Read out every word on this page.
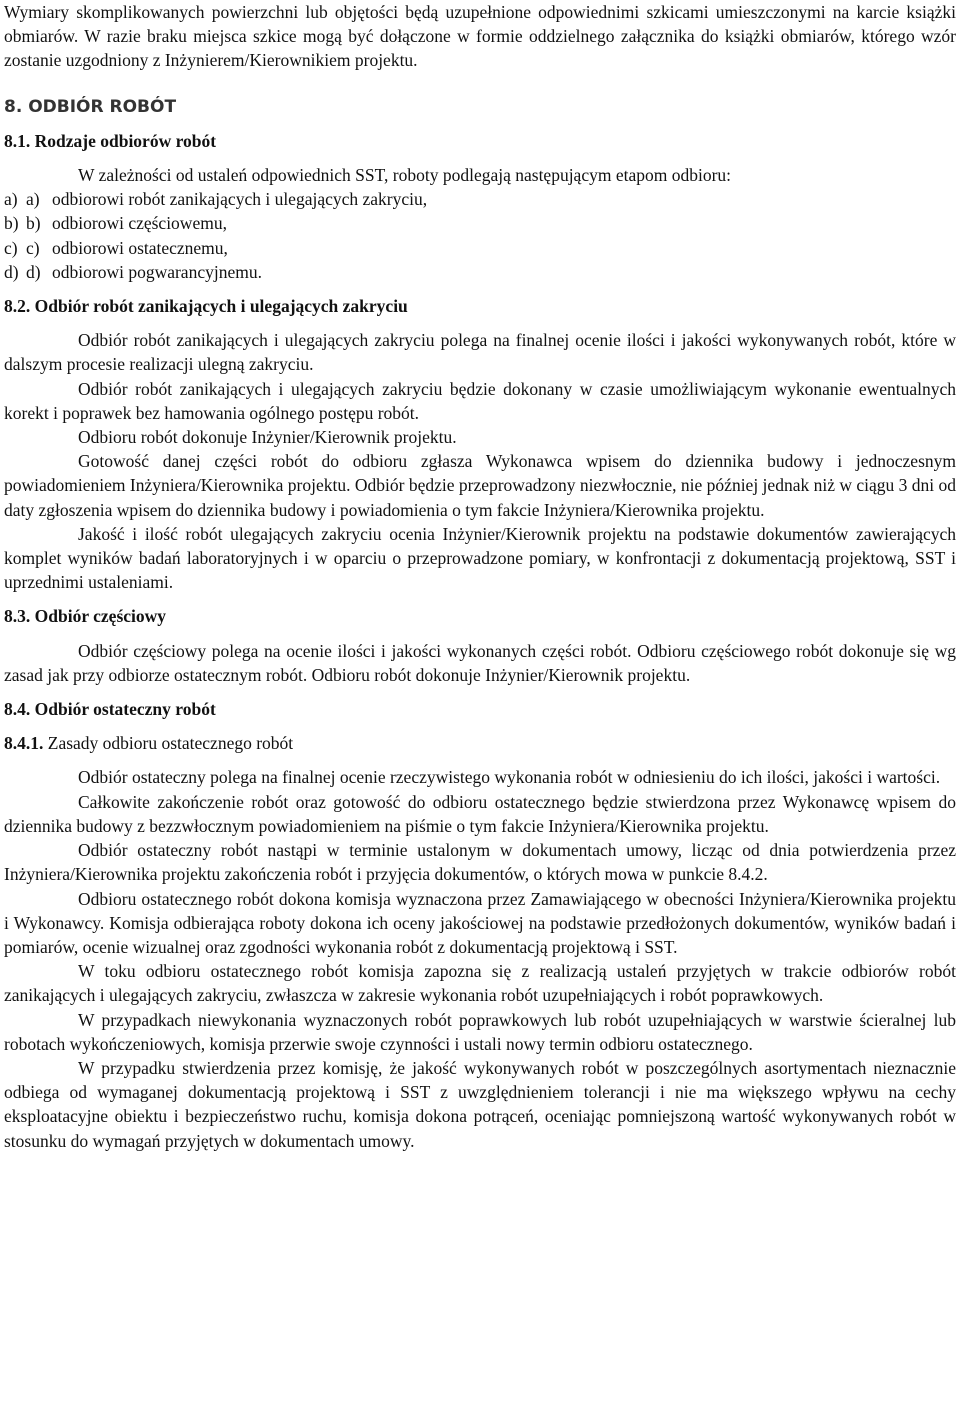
Wymiary skomplikowanych powierzchni lub objętości będą uzupełnione odpowiednimi szkicami umieszczonymi na karcie książki obmiarów. W razie braku miejsca szkice mogą być dołączone w formie oddzielnego załącznika do książki obmiarów, którego wzór zostanie uzgodniony z Inżynierem/Kierownikiem projektu.

8. ODBIÓR ROBÓT
8.1. Rodzaje odbiorów robót

W zależności od ustaleń odpowiednich SST, roboty podlegają następującym etapom odbioru:

a) a) odbiorowi robót zanikających i ulegających zakryciu,
b) b) odbiorowi częściowemu,
c) c) odbiorowi ostatecznemu,
d) d) odbiorowi pogwarancyjnemu.
8.2. Odbiór robót zanikających i ulegających zakryciu

Odbiór robót zanikających i ulegających zakryciu polega na finalnej ocenie ilości i jakości wykonywanych robót, które w dalszym procesie realizacji ulegną zakryciu.

Odbiór robót zanikających i ulegających zakryciu będzie dokonany w czasie umożliwiającym wykonanie ewentualnych korekt i poprawek bez hamowania ogólnego postępu robót.

Odbioru robót dokonuje Inżynier/Kierownik projektu.

Gotowość danej części robót do odbioru zgłasza Wykonawca wpisem do dziennika budowy i jednoczesnym powiadomieniem Inżyniera/Kierownika projektu. Odbiór będzie przeprowadzony niezwłocznie, nie później jednak niż w ciągu 3 dni od daty zgłoszenia wpisem do dziennika budowy i powiadomienia o tym fakcie Inżyniera/Kierownika projektu.

Jakość i ilość robót ulegających zakryciu ocenia Inżynier/Kierownik projektu na podstawie dokumentów zawierających komplet wyników badań laboratoryjnych i w oparciu o przeprowadzone pomiary, w konfrontacji z dokumentacją projektową, SST i uprzednimi ustaleniami.

8.3. Odbiór częściowy

Odbiór częściowy polega na ocenie ilości i jakości wykonanych części robót. Odbioru częściowego robót dokonuje się wg zasad jak przy odbiorze ostatecznym robót. Odbioru robót dokonuje Inżynier/Kierownik projektu.

8.4. Odbiór ostateczny robót
8.4.1. Zasady odbioru ostatecznego robót

Odbiór ostateczny polega na finalnej ocenie rzeczywistego wykonania robót w odniesieniu do ich ilości, jakości i wartości.

Całkowite zakończenie robót oraz gotowość do odbioru ostatecznego będzie stwierdzona przez Wykonawcę wpisem do dziennika budowy z bezzwłocznym powiadomieniem na piśmie o tym fakcie Inżyniera/Kierownika projektu.

Odbiór ostateczny robót nastąpi w terminie ustalonym w dokumentach umowy, licząc od dnia potwierdzenia przez Inżyniera/Kierownika projektu zakończenia robót i przyjęcia dokumentów, o których mowa w punkcie 8.4.2.

Odbioru ostatecznego robót dokona komisja wyznaczona przez Zamawiającego w obecności Inżyniera/Kierownika projektu i Wykonawcy. Komisja odbierająca roboty dokona ich oceny jakościowej na podstawie przedłożonych dokumentów, wyników badań i pomiarów, ocenie wizualnej oraz zgodności wykonania robót z dokumentacją projektową i SST.

W toku odbioru ostatecznego robót komisja zapozna się z realizacją ustaleń przyjętych w trakcie odbiorów robót zanikających i ulegających zakryciu, zwłaszcza w zakresie wykonania robót uzupełniających i robót poprawkowych.

W przypadkach niewykonania wyznaczonych robót poprawkowych lub robót uzupełniających w warstwie ścieralnej lub robotach wykończeniowych, komisja przerwie swoje czynności i ustali nowy termin odbioru ostatecznego.

W przypadku stwierdzenia przez komisję, że jakość wykonywanych robót w poszczególnych asortymentach nieznacznie odbiega od wymaganej dokumentacją projektową i SST z uwzględnieniem tolerancji i nie ma większego wpływu na cechy eksploatacyjne obiektu i bezpieczeństwo ruchu, komisja dokona potrąceń, oceniając pomniejszoną wartość wykonywanych robót w stosunku do wymagań przyjętych w dokumentach umowy.
